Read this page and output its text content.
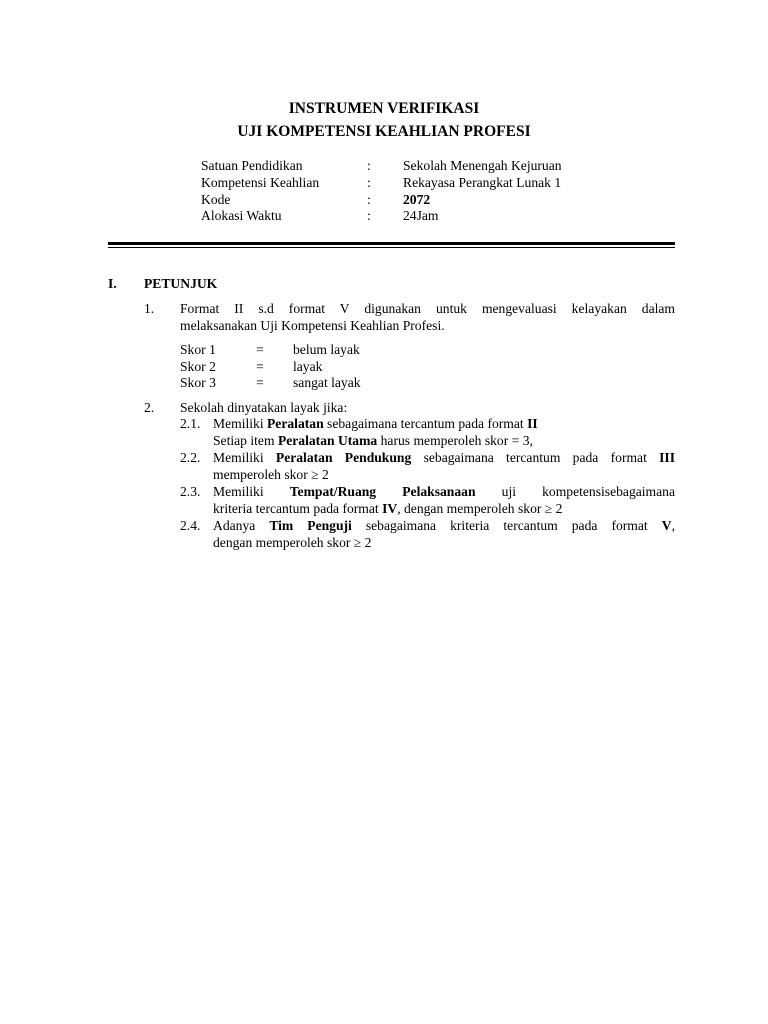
INSTRUMEN VERIFIKASI
UJI KOMPETENSI KEAHLIAN PROFESI
Satuan Pendidikan	: Sekolah Menengah Kejuruan
Kompetensi Keahlian	: Rekayasa Perangkat Lunak 1
Kode	: 2072
Alokasi Waktu	: 24Jam
I. PETUNJUK
1. Format II s.d format V digunakan untuk mengevaluasi kelayakan dalam
melaksanakan Uji Kompetensi Keahlian Profesi.
Skor 1	= belum layak
Skor 2	= layak
Skor 3	= sangat layak
2. Sekolah dinyatakan layak jika:
2.1. Memiliki Peralatan sebagaimana tercantum pada format II
Setiap item Peralatan Utama harus memperoleh skor = 3,
2.2. Memiliki Peralatan Pendukung sebagaimana tercantum pada format III
memperoleh skor ≥ 2
2.3. Memiliki Tempat/Ruang Pelaksanaan uji kompetensisebagaimana
kriteria tercantum pada format IV, dengan memperoleh skor ≥ 2
2.4. Adanya Tim Penguji sebagaimana kriteria tercantum pada format V,
dengan memperoleh skor ≥ 2
